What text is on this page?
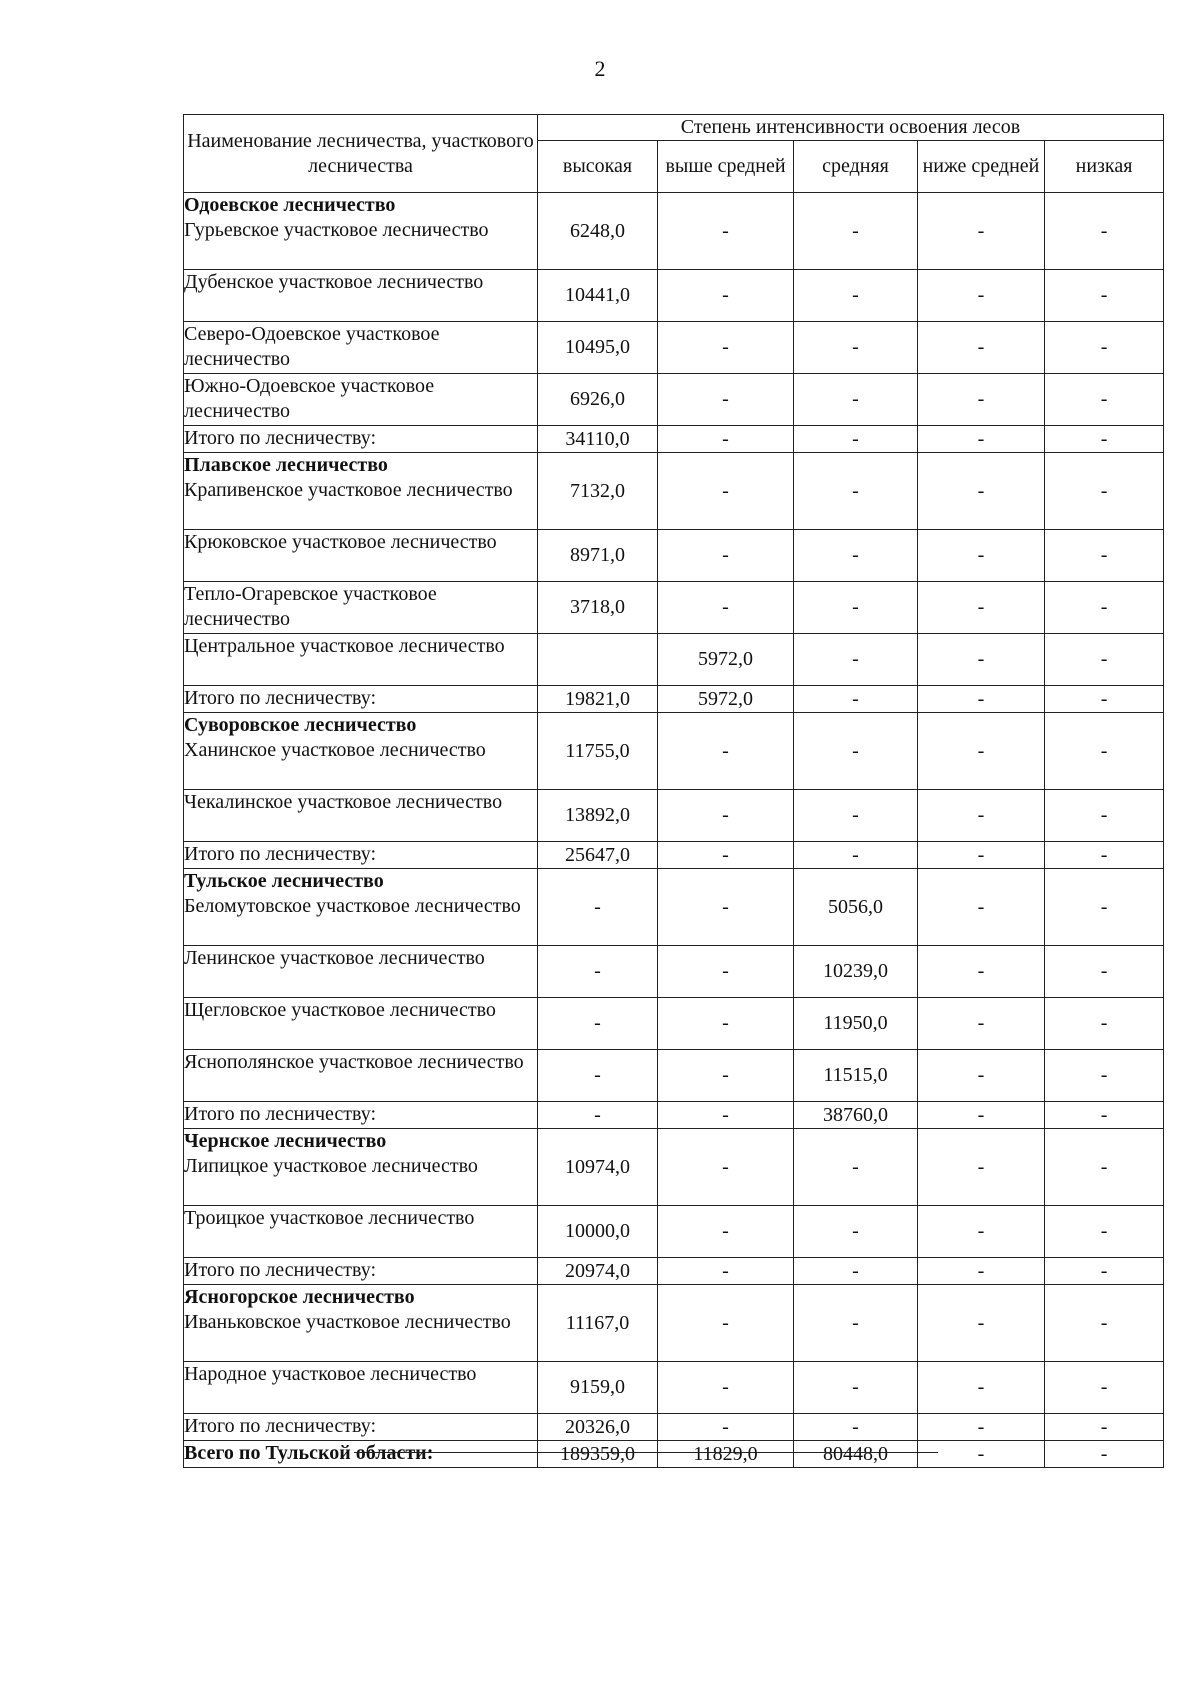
2
Наименование лесничества, участкового лесничества	Степень интенсивности освоения лесов				
	высокая	выше средней	средняя	ниже средней	низкая

Одоевское лесничество
Гурьевское участковое лесничество	6248,0	-	-	-	-

Дубенское участковое лесничество	10441,0	-	-	-	-

Северо-Одоевское участковое лесничество	10495,0	-	-	-	-

Южно-Одоевское участковое лесничество	6926,0	-	-	-	-

Итого по лесничеству:	34110,0	-	-	-	-

Плавское лесничество
Крапивенское участковое лесничество	7132,0	-	-	-	-

Крюковское участковое лесничество	8971,0	-	-	-	-

Тепло-Огаревское участковое лесничество	3718,0	-	-	-	-

Центральное участковое лесничество		5972,0	-	-	-

Итого по лесничеству:	19821,0	5972,0	-	-	-

Суворовское лесничество
Ханинское участковое лесничество	11755,0	-	-	-	-

Чекалинское участковое лесничество	13892,0	-	-	-	-

Итого по лесничеству:	25647,0	-	-	-	-

Тульское лесничество
Беломутовское участковое лесничество	-	-	5056,0	-	-

Ленинское участковое лесничество	-	-	10239,0	-	-

Щегловское участковое лесничество	-	-	11950,0	-	-

Яснополянское участковое лесничество	-	-	11515,0	-	-

Итого по лесничеству:	-	-	38760,0	-	-

Чернское лесничество
Липицкое участковое лесничество	10974,0	-	-	-	-

Троицкое участковое лесничество	10000,0	-	-	-	-

Итого по лесничеству:	20974,0	-	-	-	-

Ясногорское лесничество
Иваньковское участковое лесничество	11167,0	-	-	-	-

Народное участковое лесничество	9159,0	-	-	-	-

Итого по лесничеству:	20326,0	-	-	-	-

Всего по Тульской области:	189359,0	11829,0	80448,0	-	-
